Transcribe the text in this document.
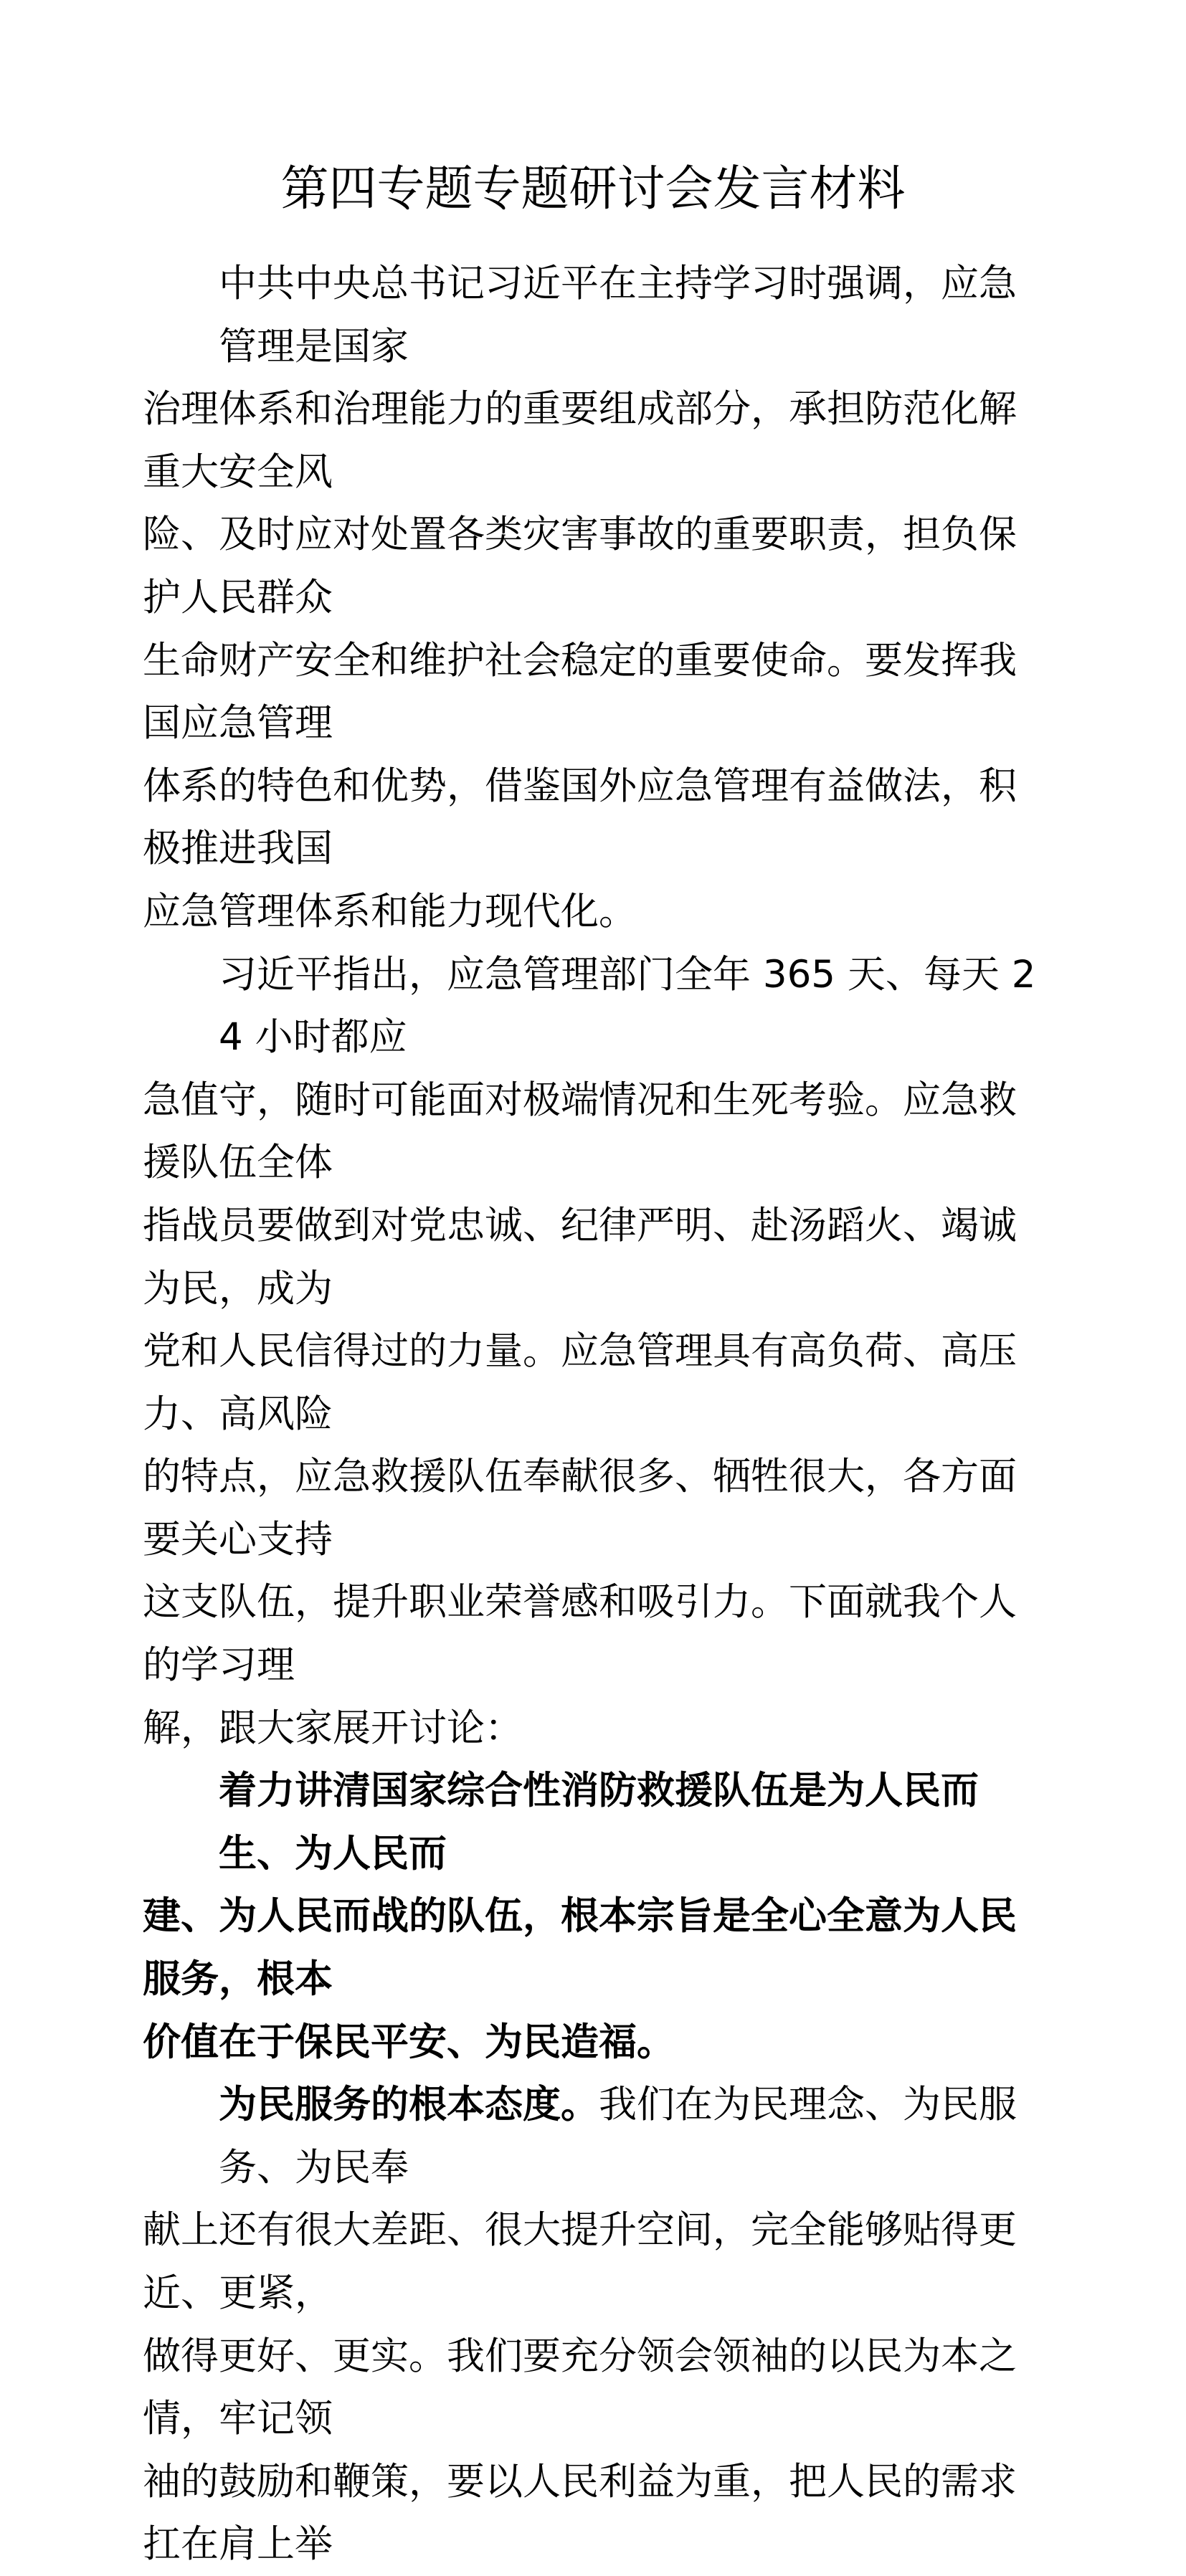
第四专题专题研讨会发言材料
中共中央总书记习近平在主持学习时强调，应急管理是国家
治理体系和治理能力的重要组成部分，承担防范化解重大安全风
险、及时应对处置各类灾害事故的重要职责，担负保护人民群众
生命财产安全和维护社会稳定的重要使命。要发挥我国应急管理
体系的特色和优势，借鉴国外应急管理有益做法，积极推进我国
应急管理体系和能力现代化。
习近平指出，应急管理部门全年 365 天、每天 24 小时都应
急值守，随时可能面对极端情况和生死考验。应急救援队伍全体
指战员要做到对党忠诚、纪律严明、赴汤蹈火、竭诚为民，成为
党和人民信得过的力量。应急管理具有高负荷、高压力、高风险
的特点，应急救援队伍奉献很多、牺牲很大，各方面要关心支持
这支队伍，提升职业荣誉感和吸引力。下面就我个人的学习理
解，跟大家展开讨论：
着力讲清国家综合性消防救援队伍是为人民而生、为人民而
建、为人民而战的队伍，根本宗旨是全心全意为人民服务，根本
价值在于保民平安、为民造福。
为民服务的根本态度。我们在为民理念、为民服务、为民奉
献上还有很大差距、很大提升空间，完全能够贴得更近、更紧，
做得更好、更实。我们要充分领会领袖的以民为本之情，牢记领
袖的鼓励和鞭策，要以人民利益为重，把人民的需求扛在肩上举
